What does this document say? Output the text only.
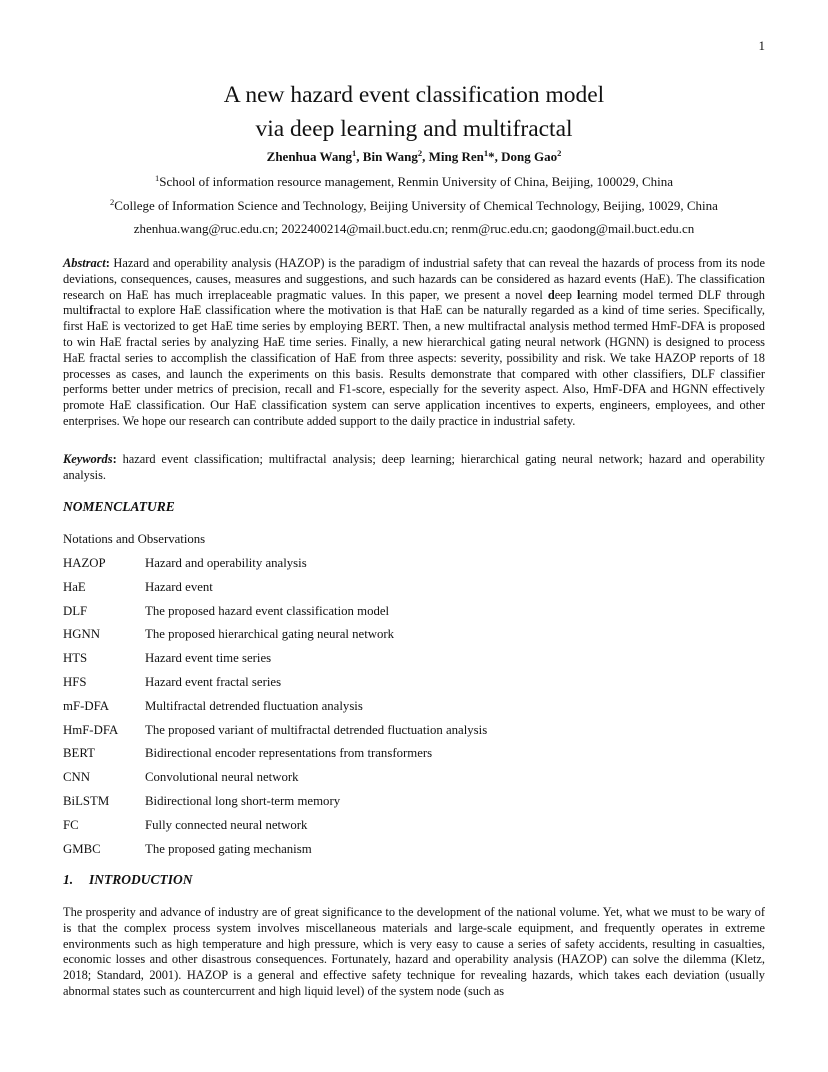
1
A new hazard event classification model
via deep learning and multifractal
Zhenhua Wang$^1$, Bin Wang$^2$, Ming Ren$^1$*, Dong Gao$^2$
$^1$School of information resource management, Renmin University of China, Beijing, 100029, China
$^2$College of Information Science and Technology, Beijing University of Chemical Technology, Beijing, 10029, China
zhenhua.wang@ruc.edu.cn; 2022400214@mail.buct.edu.cn; renm@ruc.edu.cn; gaodong@mail.buct.edu.cn

Abstract: Hazard and operability analysis (HAZOP) is the paradigm of industrial safety that can reveal the hazards of process from its node deviations, consequences, causes, measures and suggestions, and such hazards can be considered as hazard events (HaE). The classification research on HaE has much irreplaceable pragmatic values. In this paper, we present a novel deep learning model termed DLF through multifractal to explore HaE classification where the motivation is that HaE can be naturally regarded as a kind of time series. Specifically, first HaE is vectorized to get HaE time series by employing BERT. Then, a new multifractal analysis method termed HmF-DFA is proposed to win HaE fractal series by analyzing HaE time series. Finally, a new hierarchical gating neural network (HGNN) is designed to process HaE fractal series to accomplish the classification of HaE from three aspects: severity, possibility and risk. We take HAZOP reports of 18 processes as cases, and launch the experiments on this basis. Results demonstrate that compared with other classifiers, DLF classifier performs better under metrics of precision, recall and F1-score, especially for the severity aspect. Also, HmF-DFA and HGNN effectively promote HaE classification. Our HaE classification system can serve application incentives to experts, engineers, employees, and other enterprises. We hope our research can contribute added support to the daily practice in industrial safety.

Keywords: hazard event classification; multifractal analysis; deep learning; hierarchical gating neural network; hazard and operability analysis.

NOMENCLATURE
Notations and Observations
HAZOP	Hazard and operability analysis
HaE	Hazard event
DLF	The proposed hazard event classification model
HGNN	The proposed hierarchical gating neural network
HTS	Hazard event time series
HFS	Hazard event fractal series
mF-DFA	Multifractal detrended fluctuation analysis
HmF-DFA The proposed variant of multifractal detrended fluctuation analysis
BERT	Bidirectional encoder representations from transformers
CNN	Convolutional neural network
BiLSTM	Bidirectional long short-term memory
FC	Fully connected neural network
GMBC	The proposed gating mechanism
1. INTRODUCTION

The prosperity and advance of industry are of great significance to the development of the national volume. Yet, what we must to be wary of is that the complex process system involves miscellaneous materials and large-scale equipment, and frequently operates in extreme environments such as high temperature and high pressure, which is very easy to cause a series of safety accidents, resulting in casualties, economic losses and other disastrous consequences. Fortunately, hazard and operability analysis (HAZOP) can solve the dilemma (Kletz, 2018; Standard, 2001). HAZOP is a general and effective safety technique for revealing hazards, which takes each deviation (usually abnormal states such as countercurrent and high liquid level) of the system node (such as
